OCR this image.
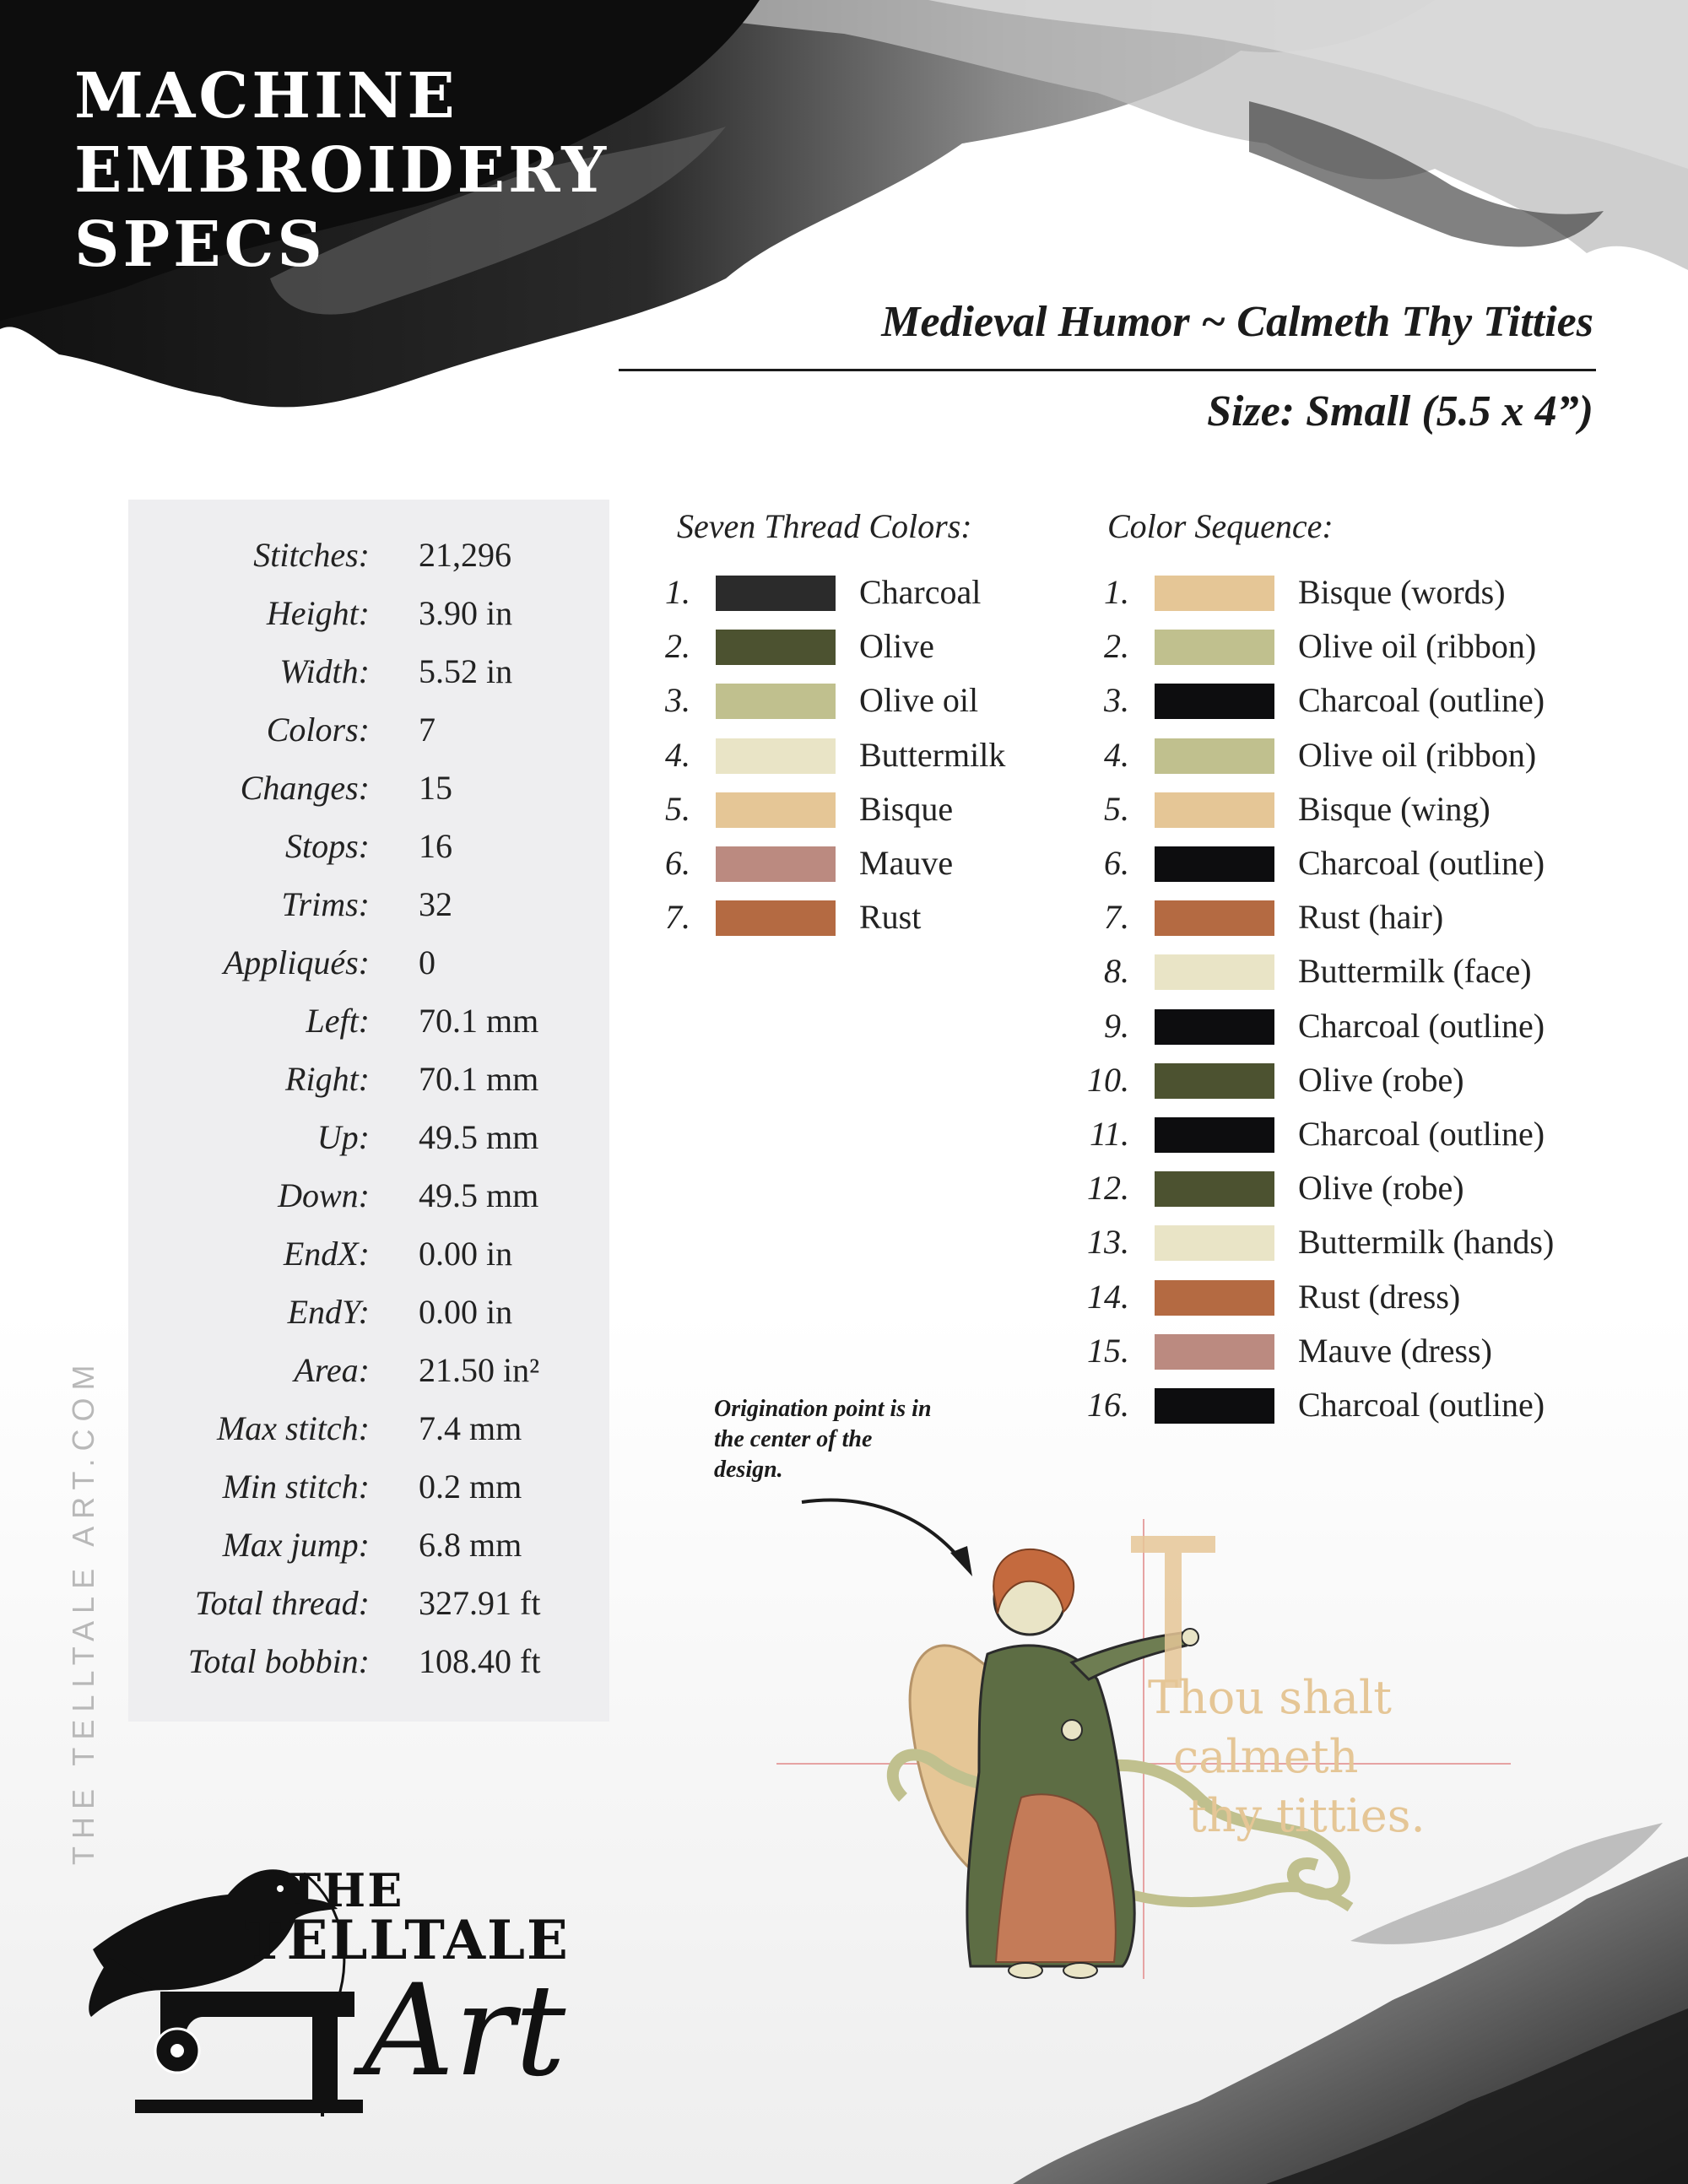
MACHINE
EMBROIDERY
SPECS

Medieval Humor ~ Calmeth Thy Titties

Size: Small (5.5 x 4”)

Stitches: 21,296
Height: 3.90 in
Width: 5.52 in
Colors: 7
Changes: 15
Stops: 16
Trims: 32
Appliqués: 0
Left: 70.1 mm
Right: 70.1 mm
Up: 49.5 mm
Down: 49.5 mm
EndX: 0.00 in
EndY: 0.00 in
Area: 21.50 in²
Max stitch: 7.4 mm
Min stitch: 0.2 mm
Max jump: 6.8 mm
Total thread: 327.91 ft
Total bobbin: 108.40 ft

Seven Thread Colors:

1.	Charcoal
2.	Olive
3.	Olive oil
4.	Buttermilk
5.	Bisque
6.	Mauve
7.	Rust

Color Sequence:

1.	Bisque (words)
2.	Olive oil (ribbon)
3.	Charcoal (outline)
4.	Olive oil (ribbon)
5.	Bisque (wing)
6.	Charcoal (outline)
7.	Rust (hair)
8.	Buttermilk (face)
9.	Charcoal (outline)
10.	Olive (robe)
11.	Charcoal (outline)
12.	Olive (robe)
13.	Buttermilk (hands)
14.	Rust (dress)
15.	Mauve (dress)
16.	Charcoal (outline)

Origination point is in the center of the design.

Thou shalt
calmeth
thy titties.
THE TELLTALE ART.COM
THE
TELLTALE
Art
